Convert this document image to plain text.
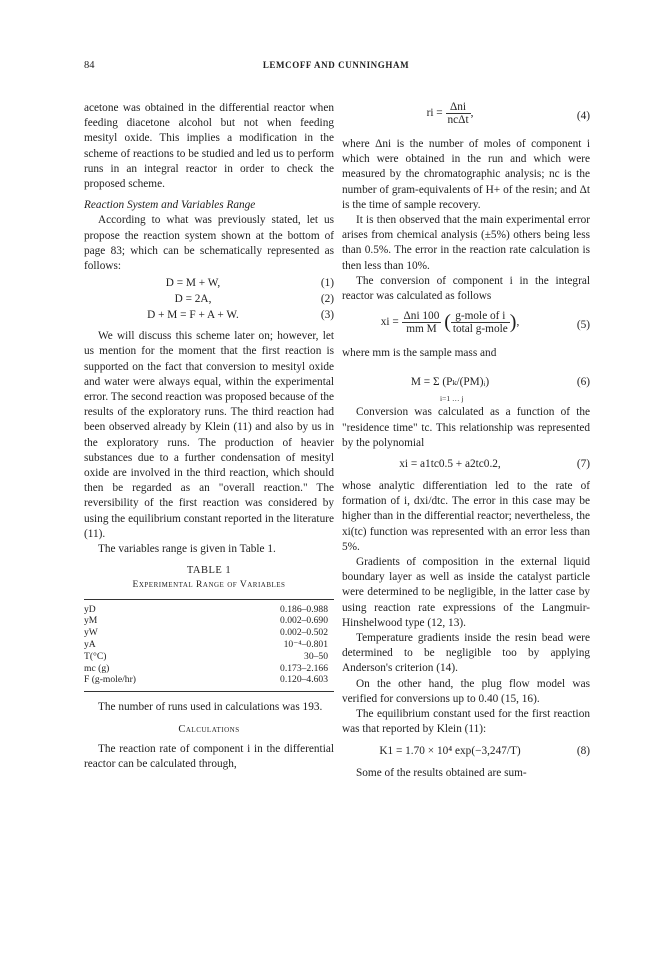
84	LEMCOFF AND CUNNINGHAM

acetone was obtained in the differential reactor when feeding diacetone alcohol but not when feeding mesityl oxide. This implies a modification in the scheme of reactions to be studied and led us to perform runs in an integral reactor in order to check the proposed scheme.

Reaction System and Variables Range

According to what was previously stated, let us propose the reaction system shown at the bottom of page 83; which can be schematically represented as follows:

D = M + W,	(1)
D = 2A,	(2)
D + M = F + A + W.	(3)

We will discuss this scheme later on; however, let us mention for the moment that the first reaction is supported on the fact that conversion to mesityl oxide and water were always equal, within the experimental error. The second reaction was proposed because of the results of the exploratory runs. The third reaction had been observed already by Klein (11) and also by us in the exploratory runs. The production of heavier substances due to a further condensation of mesityl oxide are involved in the third reaction, which should then be regarded as an "overall reaction." The reversibility of the first reaction was considered by using the equilibrium constant reported in the literature (11).

The variables range is given in Table 1.

TABLE 1
Experimental Range of Variables
yD	0.186–0.988
yM	0.002–0.690
yW	0.002–0.502
yA	10⁻⁴–0.801
T(°C)	30–50
mc (g)	0.173–2.166
F (g-mole/hr)	0.120–4.603

The number of runs used in calculations was 193.

Calculations

The reaction rate of component i in the differential reactor can be calculated through,

ri = $\frac{\text{Δni}}{\text{ncΔt}}$ ,	(4)

where Δni is the number of moles of component i which were obtained in the run and which were measured by the chromatographic analysis; nc is the number of gram-equivalents of H+ of the resin; and Δt is the time of sample recovery.

It is then observed that the main experimental error arises from chemical analysis (±5%) others being less than 0.5%. The error in the reaction rate calculation is then less than 10%.

The conversion of component i in the integral reactor was calculated as follows

xi = $\frac{\text{Δni 100}}{\text{mm M}}$ ( $\frac{\text{g-mole of i}}{\text{total g-mole}}$ ),	(5)

where mm is the sample mass and

M = Σ (Pₖ/(PM)ᵢ)
i=1 … j
(6)

Conversion was calculated as a function of the "residence time" tc. This relationship was represented by the polynomial

xi = a1tc0.5 + a2tc0.2,	(7)

whose analytic differentiation led to the rate of formation of i, dxi/dtc. The error in this case may be higher than in the differential reactor; nevertheless, the xi(tc) function was represented with an error less than 5%.

Gradients of composition in the external liquid boundary layer as well as inside the catalyst particle were determined to be negligible, in the latter case by using reaction rate expressions of the Langmuir-Hinshelwood type (12, 13).

Temperature gradients inside the resin bead were determined to be negligible too by applying Anderson's criterion (14).

On the other hand, the plug flow model was verified for conversions up to 0.40 (15, 16).

The equilibrium constant used for the first reaction was that reported by Klein (11):

K1 = 1.70 × 10⁴ exp(−3,247/T)	(8)

Some of the results obtained are sum-
